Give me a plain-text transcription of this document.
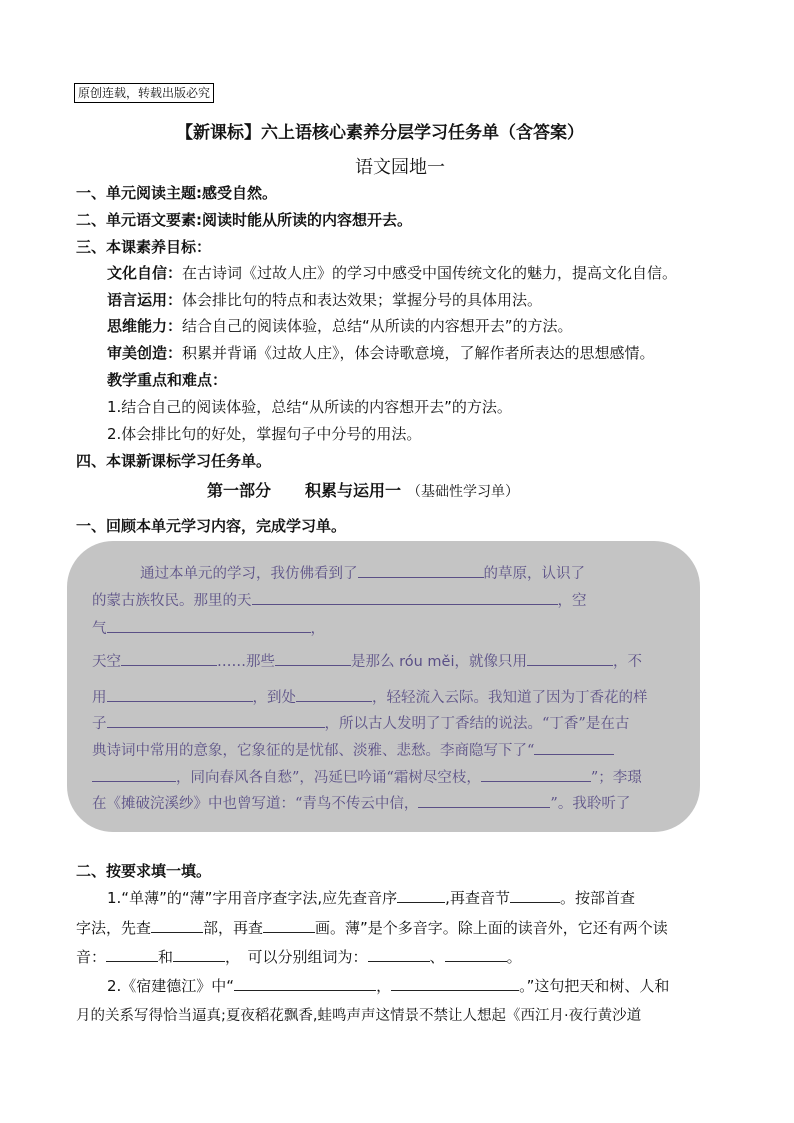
原创连载，转载出版必究
【新课标】六上语核心素养分层学习任务单（含答案）
语文园地一
一、单元阅读主题:感受自然。
二、单元语文要素:阅读时能从所读的内容想开去。
三、本课素养目标：
文化自信：在古诗词《过故人庄》的学习中感受中国传统文化的魅力，提高文化自信。
语言运用：体会排比句的特点和表达效果；掌握分号的具体用法。
思维能力：结合自己的阅读体验，总结“从所读的内容想开去”的方法。
审美创造：积累并背诵《过故人庄》，体会诗歌意境，了解作者所表达的思想感情。
教学重点和难点：
1.结合自己的阅读体验，总结“从所读的内容想开去”的方法。
2.体会排比句的好处，掌握句子中分号的用法。
四、本课新课标学习任务单。
第一部分 积累与运用一 （基础性学习单）
一、回顾本单元学习内容，完成学习单。
通过本单元的学习，我仿佛看到了	的草原，认识了
的蒙古族牧民。那里的天	，空
气	，
天空	……那些	是那么 róu měi，就像只用	，不
用	，到处	，轻轻流入云际。我知道了因为丁香花的样
子	，所以古人发明了丁香结的说法。“丁香”是在古
典诗词中常用的意象，它象征的是忧郁、淡雅、悲愁。李商隐写下了“
，同向春风各自愁”，冯延巳吟诵“霜树尽空枝，	”；李璟
在《摊破浣溪纱》中也曾写道：“青鸟不传云中信，	”。我聆听了
二、按要求填一填。
1.“单薄”的“薄”字用音序查字法,应先查音序	,再查音节	。按部首查
字法，先查	部，再查	画。薄”是个多音字。除上面的读音外，它还有两个读
音：	和	，　可以分别组词为：	、	。
2.《宿建德江》中“	，	。”这句把天和树、人和
月的关系写得恰当逼真;夏夜稻花飘香,蛙鸣声声这情景不禁让人想起《西江月·夜行黄沙道
